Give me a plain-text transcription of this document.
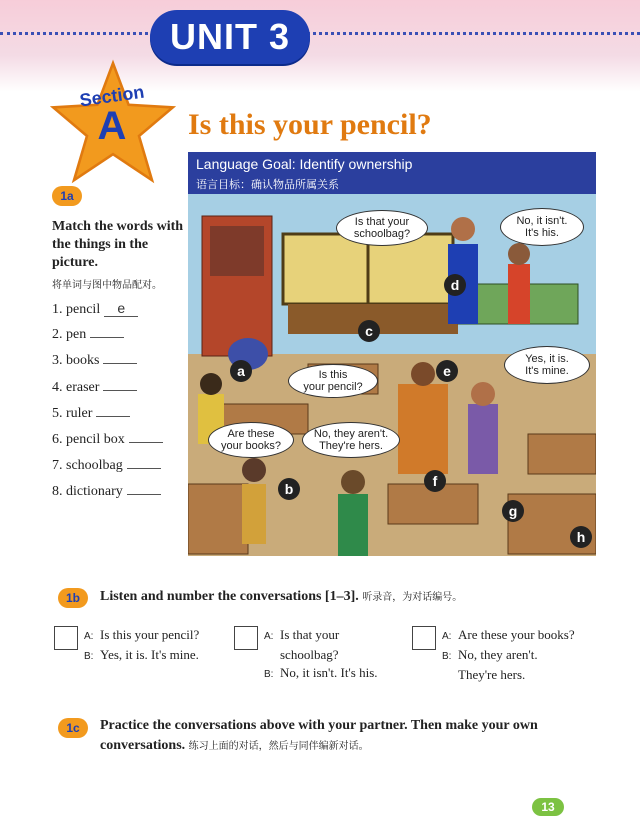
UNIT 3
Section
A	Is this your pencil?
Language Goal: Identify ownership
语言目标：确认物品所属关系
1a
Match the words with the things in the picture.
将单词与图中物品配对。
1. pencil e
2. pen
3. books
4. eraser
5. ruler
6. pencil box
7. schoolbag
8. dictionary
Is that your
schoolbag?
No, it isn't.
It's his.
Is this
your pencil?
Yes, it is.
It's mine.
Are these
your books?
No, they aren't.
They're hers.
a
b
c
d
e
f
g
h
1b	Listen and number the conversations [1–3]. 听录音，为对话编号。
A: Is this your pencil?
B: Yes, it is. It's mine.
A: Is that your
schoolbag?
B: No, it isn't. It's his.
A: Are these your books?
B: No, they aren't.
They're hers.
1c	Practice the conversations above with your partner. Then make your own conversations. 练习上面的对话，然后与同伴编新对话。
13
